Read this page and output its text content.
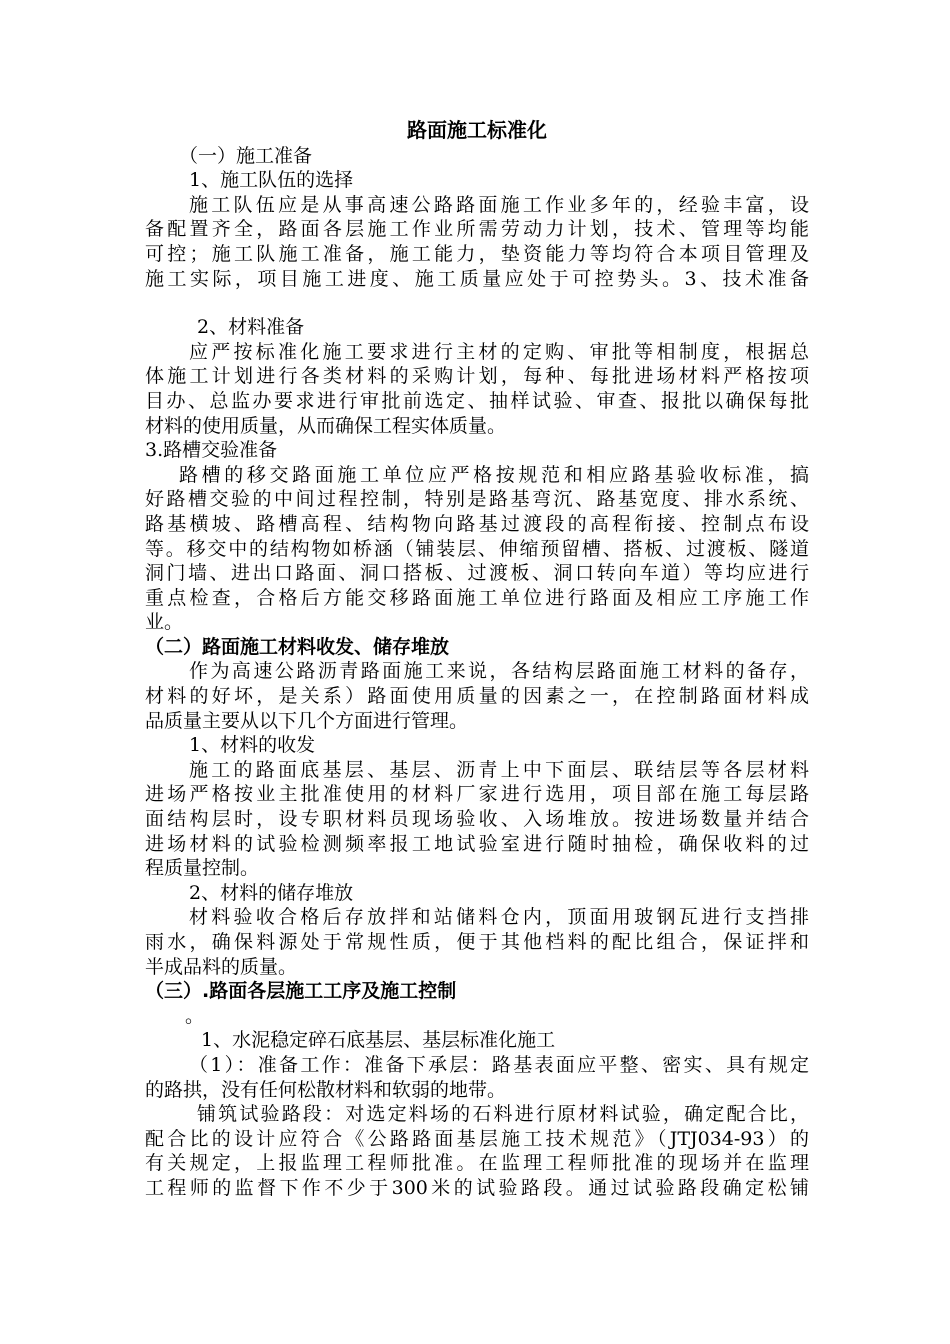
路面施工标准化

（一）施工准备

1、施工队伍的选择

施工队伍应是从事高速公路路面施工作业多年的，经验丰富，设

备配置齐全，路面各层施工作业所需劳动力计划，技术、管理等均能

可控；施工队施工准备，施工能力，垫资能力等均符合本项目管理及

施工实际，项目施工进度、施工质量应处于可控势头。3、技术准备

2、材料准备

应严按标准化施工要求进行主材的定购、审批等相制度，根据总

体施工计划进行各类材料的采购计划，每种、每批进场材料严格按项

目办、总监办要求进行审批前选定、抽样试验、审查、报批以确保每批

材料的使用质量，从而确保工程实体质量。

3.路槽交验准备

路槽的移交路面施工单位应严格按规范和相应路基验收标准，搞

好路槽交验的中间过程控制，特别是路基弯沉、路基宽度、排水系统、

路基横坡、路槽高程、结构物向路基过渡段的高程衔接、控制点布设

等。移交中的结构物如桥涵（铺装层、伸缩预留槽、搭板、过渡板、隧道

洞门墙、进出口路面、洞口搭板、过渡板、洞口转向车道）等均应进行

重点检查，合格后方能交移路面施工单位进行路面及相应工序施工作

业。

（二）路面施工材料收发、储存堆放

作为高速公路沥青路面施工来说，各结构层路面施工材料的备存，

材料的好坏，是关系）路面使用质量的因素之一，在控制路面材料成

品质量主要从以下几个方面进行管理。

1、材料的收发

施工的路面底基层、基层、沥青上中下面层、联结层等各层材料

进场严格按业主批准使用的材料厂家进行选用，项目部在施工每层路

面结构层时，设专职材料员现场验收、入场堆放。按进场数量并结合

进场材料的试验检测频率报工地试验室进行随时抽检，确保收料的过

程质量控制。

2、材料的储存堆放

材料验收合格后存放拌和站储料仓内，顶面用玻钢瓦进行支挡排

雨水，确保料源处于常规性质，便于其他档料的配比组合，保证拌和

半成品料的质量。

（三）.路面各层施工工序及施工控制

。

1、水泥稳定碎石底基层、基层标准化施工

（1）：准备工作：准备下承层：路基表面应平整、密实、具有规定

的路拱，没有任何松散材料和软弱的地带。

铺筑试验路段：对选定料场的石料进行原材料试验，确定配合比，

配合比的设计应符合《公路路面基层施工技术规范》（JTJ034-93）的

有关规定，上报监理工程师批准。在监理工程师批准的现场并在监理

工程师的监督下作不少于300米的试验路段。通过试验路段确定松铺
